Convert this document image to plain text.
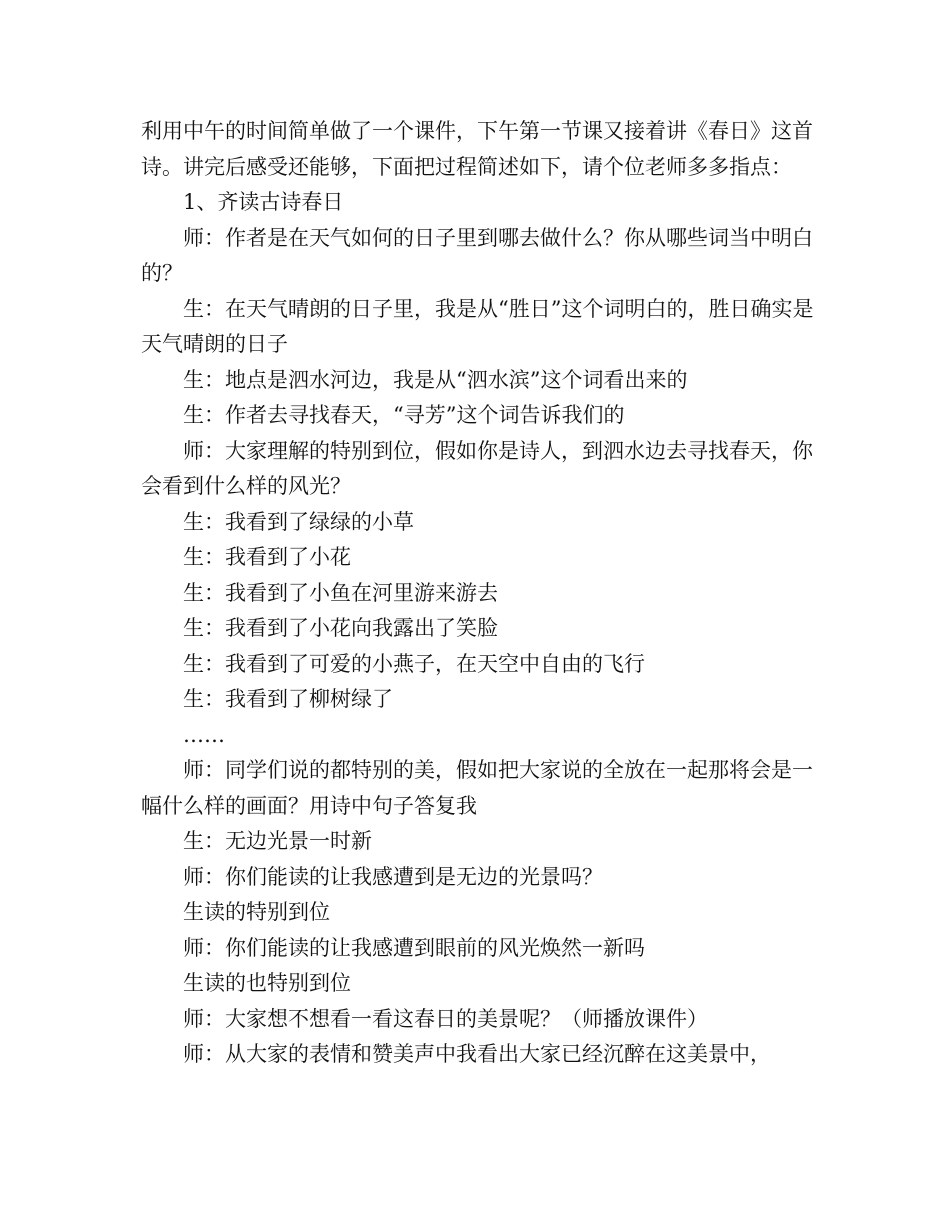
利用中午的时间简单做了一个课件，下午第一节课又接着讲《春日》这首诗。讲完后感受还能够，下面把过程简述如下，请个位老师多多指点：

1、齐读古诗春日

师：作者是在天气如何的日子里到哪去做什么？你从哪些词当中明白的？

生：在天气晴朗的日子里，我是从“胜日”这个词明白的，胜日确实是天气晴朗的日子

生：地点是泗水河边，我是从“泗水滨”这个词看出来的

生：作者去寻找春天，“寻芳”这个词告诉我们的

师：大家理解的特别到位，假如你是诗人，到泗水边去寻找春天，你会看到什么样的风光？

生：我看到了绿绿的小草

生：我看到了小花

生：我看到了小鱼在河里游来游去

生：我看到了小花向我露出了笑脸

生：我看到了可爱的小燕子，在天空中自由的飞行

生：我看到了柳树绿了

……

师：同学们说的都特别的美，假如把大家说的全放在一起那将会是一幅什么样的画面？用诗中句子答复我

生：无边光景一时新

师：你们能读的让我感遭到是无边的光景吗？

生读的特别到位

师：你们能读的让我感遭到眼前的风光焕然一新吗

生读的也特别到位

师：大家想不想看一看这春日的美景呢？（师播放课件）

师：从大家的表情和赞美声中我看出大家已经沉醉在这美景中，
